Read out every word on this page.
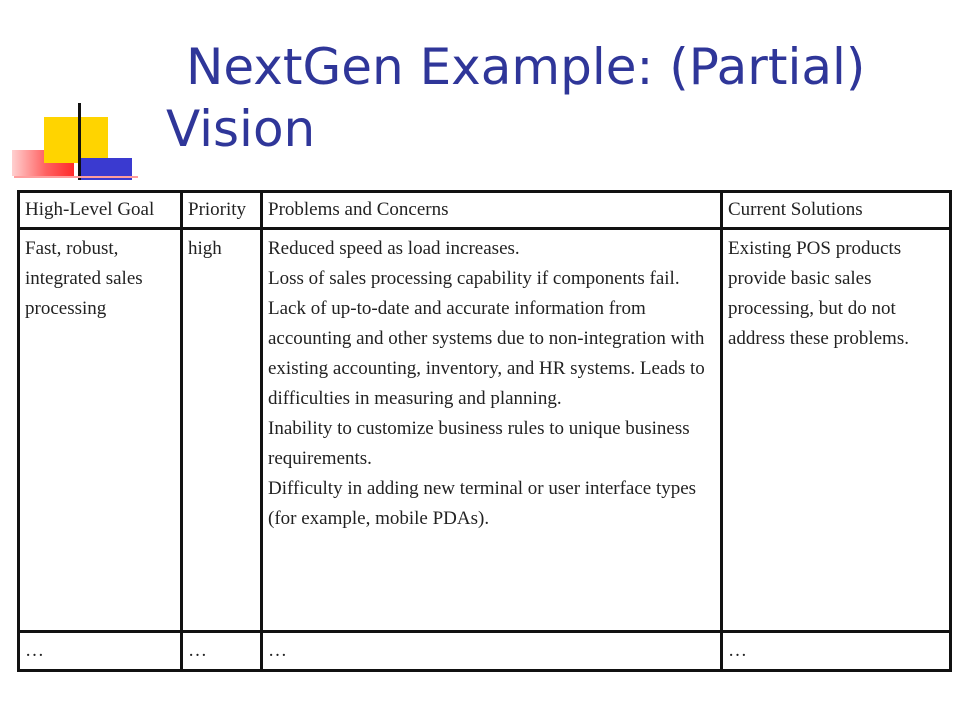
NextGen Example: (Partial)
Vision
High-Level Goal	Priority	Problems and Concerns	Current Solutions
Fast, robust, integrated sales processing	high	Reduced speed as load increases.
Loss of sales processing capability if components fail.
Lack of up-to-date and accurate information from accounting and other systems due to non-integration with existing accounting, inventory, and HR systems. Leads to difficulties in measuring and planning.
Inability to customize business rules to unique business requirements.
Difficulty in adding new terminal or user interface types (for example, mobile PDAs).	Existing POS products provide basic sales processing, but do not address these problems.
…	…	…	…
